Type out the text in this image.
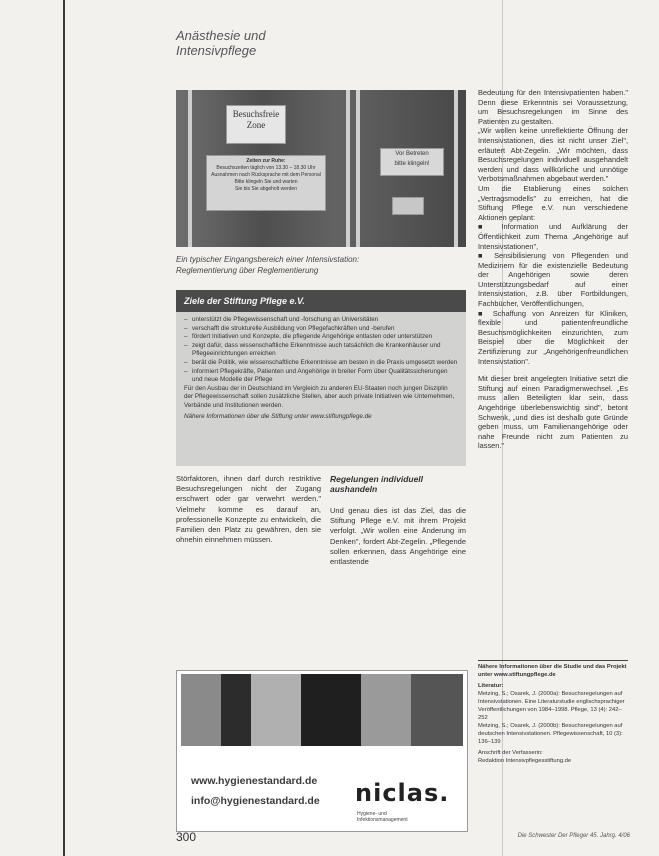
Anästhesie und
Intensivpflege
Besuchsfreie
Zone
Zeiten zur Ruhe:
Besuchszeiten täglich von 13.30 – 18.30 Uhr
Ausnahmen nach Rücksprache mit dem Personal
Bitte klingeln Sie und warten
Sie bis Sie abgeholt werden
Vor Betreten
bitte klingeln!
Ein typischer Eingangsbereich einer Intensivstation:
Reglementierung über Reglementierung
Ziele der Stiftung Pflege e.V.
– unterstützt die Pflegewissenschaft und -forschung an Universitäten
– verschafft die strukturelle Ausbildung von Pflegefachkräften und -berufen
– fördert Initiativen und Konzepte, die pflegende Angehörige entlasten oder unterstützen
– zeigt dafür, dass wissenschaftliche Erkenntnisse auch tatsächlich die Krankenhäuser und Pflegeeinrichtungen erreichen
– berät die Politik, wie wissenschaftliche Erkenntnisse am besten in die Praxis umgesetzt werden
– informiert Pflegekräfte, Patienten und Angehörige in breiter Form über Qualitätssicherungen und neue Modelle der Pflege

Für den Ausbau der in Deutschland im Vergleich zu anderen EU-Staaten noch jungen Disziplin der Pflegewissenschaft sollen zusätzliche Stellen, aber auch private Initiativen wie Unternehmen, Verbände und Institutionen werden.

Nähere Informationen über die Stiftung unter www.stiftungpflege.de

Störfaktoren, ihnen darf durch restriktive Besuchsregelungen nicht der Zugang erschwert oder gar verwehrt werden." Vielmehr komme es darauf an, professionelle Konzepte zu entwickeln, die Familien den Platz zu gewähren, den sie ohnehin einnehmen müssen.
Regelungen individuell
aushandeln
Und genau dies ist das Ziel, das die Stiftung Pflege e.V. mit ihrem Projekt verfolgt. „Wir wollen eine Änderung im Denken", fordert Abt-Zegelin. „Pflegende sollen erkennen, dass Angehörige eine entlastende
Bedeutung für den Intensivpatienten haben." Denn diese Erkenntnis sei Voraussetzung, um Besuchsregelungen im Sinne des Patienten zu gestalten.
„Wir wollen keine unreflektierte Öffnung der Intensivstationen, dies ist nicht unser Ziel", erläutert Abt-Zegelin. „Wir möchten, dass Besuchsregelungen individuell ausgehandelt werden und dass willkürliche und unnötige Verbotsmaßnahmen abgebaut werden."
Um die Etablierung eines solchen „Vertragsmodells" zu erreichen, hat die Stiftung Pflege e.V. nun verschiedene Aktionen geplant:
■ Information und Aufklärung der Öffentlichkeit zum Thema „Angehörige auf Intensivstationen",
■ Sensibilisierung von Pflegenden und Medizinern für die existenzielle Bedeutung der Angehörigen sowie deren Unterstützungsbedarf auf einer Intensivstation, z.B. über Fortbildungen, Fachbücher, Veröffentlichungen,
■ Schaffung von Anreizen für Kliniken, flexible und patientenfreundliche Besuchsmöglichkeiten einzurichten, zum Beispiel über die Möglichkeit der Zertifizierung zur „Angehörigenfreundlichen Intensivstation".
Mit dieser breit angelegten Initiative setzt die Stiftung auf einen Paradigmenwechsel. „Es muss allen Beteiligten klar sein, dass Angehörige überlebenswichtig sind", betont Schwenk, „und dies ist deshalb gute Gründe geben muss, um Familienangehörige oder nahe Freunde nicht zum Patienten zu lassen."
Nähere Informationen über die Studie und das Projekt unter www.stiftungpflege.de
Literatur:
Metzing, S.; Osarek, J. (2000a): Besuchsregelungen auf Intensivstationen. Eine Literaturstudie englischsprachiger Veröffentlichungen von 1984–1998. Pflege, 13 (4): 242–252
Metzing, S.; Osarek, J. (2000b): Besuchsregelungen auf deutschen Intensivstationen. Pflegewissenschaft, 10 (3): 136–139
Anschrift der Verfasserin:
Redaktion Intensivpflegesstiftung.de
www.hygienestandard.de
info@hygienestandard.de niclas.
Hygiene- und
Infektionsmanagement
300	Die Schwester Der Pfleger 45. Jahrg. 4/06
